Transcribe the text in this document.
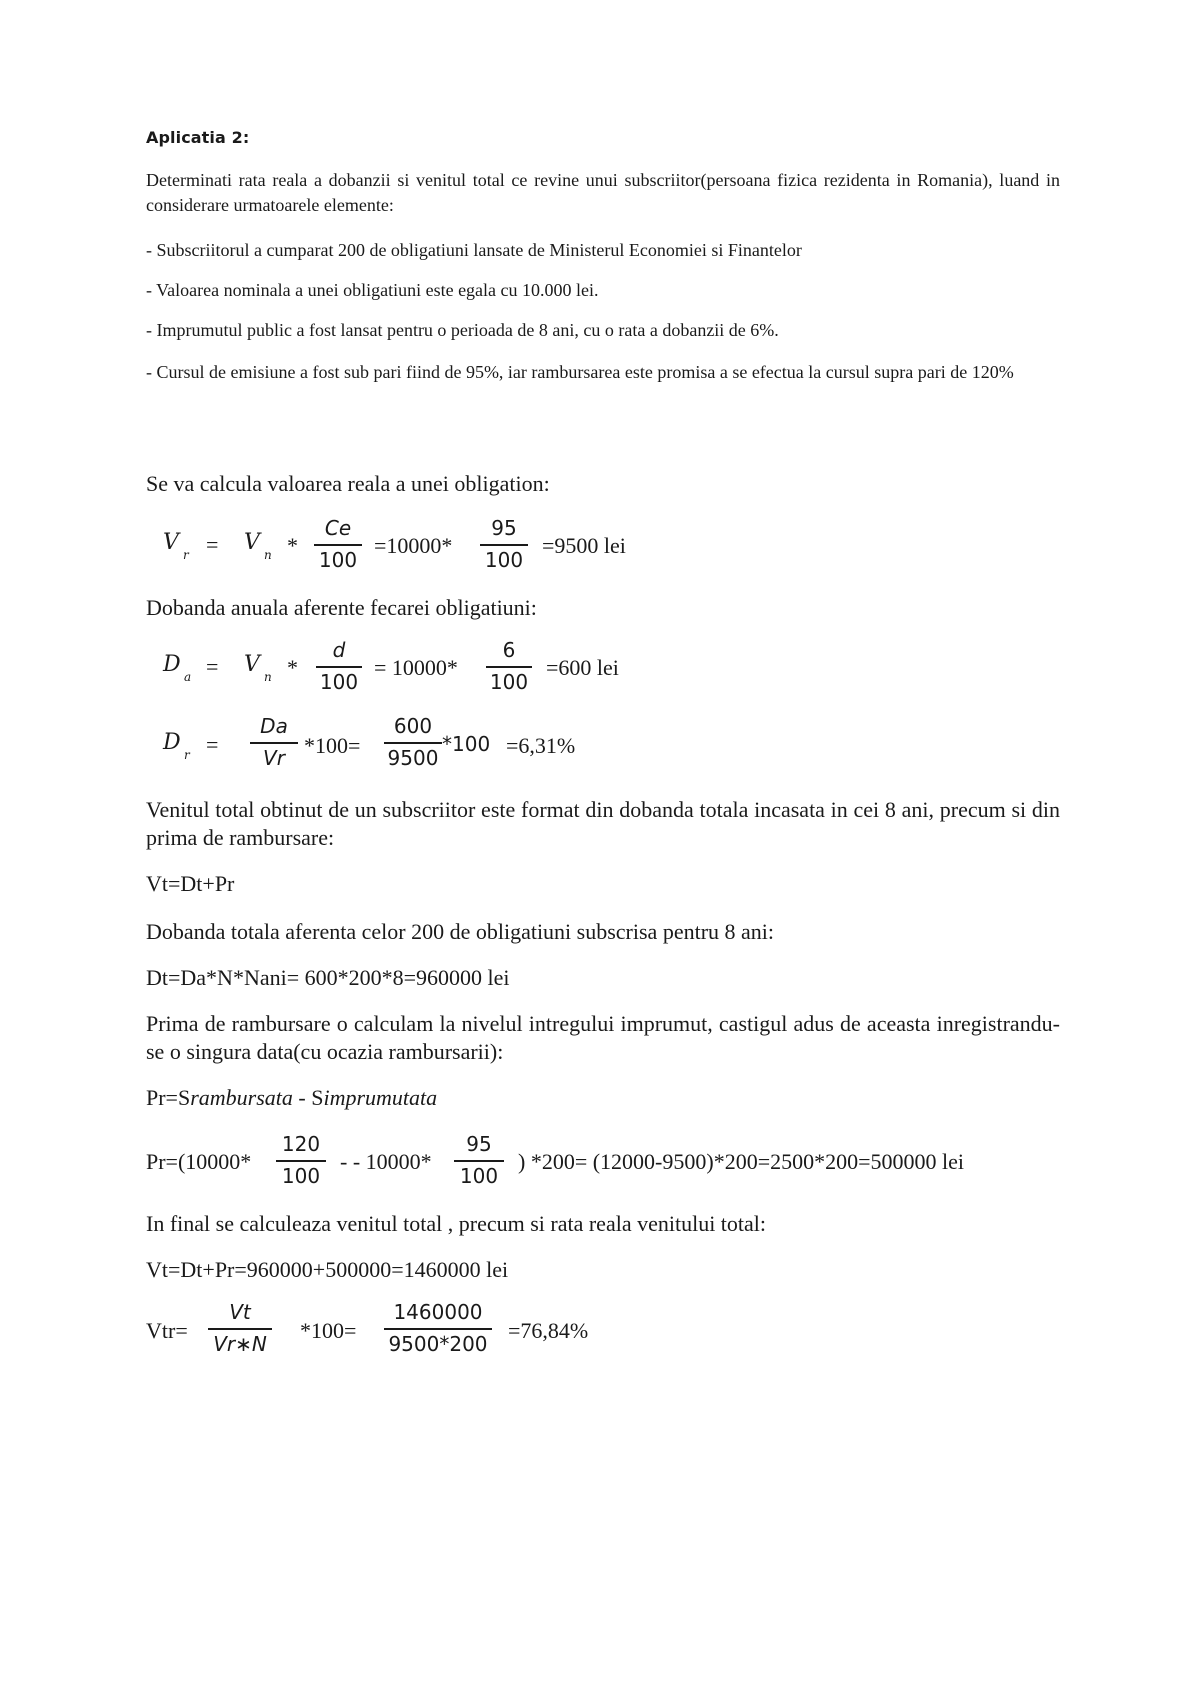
Aplicatia 2:
Determinati rata reala a dobanzii si venitul total ce revine unui subscriitor(persoana fizica rezidenta in Romania), luand in considerare urmatoarele elemente:
- Subscriitorul a cumparat 200 de obligatiuni lansate de Ministerul Economiei si Finantelor
- Valoarea nominala a unei obligatiuni este egala cu 10.000 lei.
- Imprumutul public a fost lansat pentru o perioada de 8 ani, cu o rata a dobanzii de 6%.
- Cursul de emisiune a fost sub pari fiind de 95%, iar rambursarea este promisa a se efectua la cursul supra pari de 120%
Se va calcula valoarea reala a unei obligation:
V r = V n *
Ce
100
=10000*
95
100
=9500 lei
Dobanda anuala aferente fecarei obligatiuni:
D a = V n *
d
100
= 10000*
6
100
=600 lei
D r =
Da
Vr *100=
600
9500
*100 =6,31%
Venitul total obtinut de un subscriitor este format din dobanda totala incasata in cei 8 ani, precum si din prima de rambursare:
Vt=Dt+Pr
Dobanda totala aferenta celor 200 de obligatiuni subscrisa pentru 8 ani:
Dt=Da*N*Nani= 600*200*8=960000 lei
Prima de rambursare o calculam la nivelul intregului imprumut, castigul adus de aceasta inregistrandu-se o singura data(cu ocazia rambursarii):
Pr=Srambursata - Simprumutata
Pr=(10000*
120
100
- - 10000*
95
100
) *200= (12000-9500)*200=2500*200=500000 lei
In final se calculeaza venitul total , precum si rata reala venitului total:
Vt=Dt+Pr=960000+500000=1460000 lei
Vtr=
Vt
Vr∗N
*100=
1460000
9500*200
=76,84%
